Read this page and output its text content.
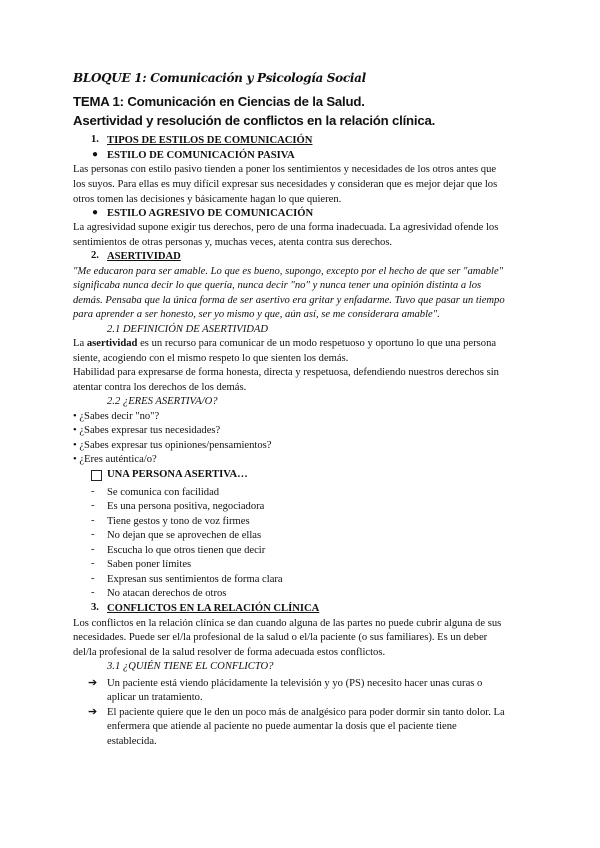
BLOQUE 1: Comunicación y Psicología Social
TEMA 1: Comunicación en Ciencias de la Salud.
Asertividad y resolución de conflictos en la relación clínica.
1. TIPOS DE ESTILOS DE COMUNICACIÓN
● ESTILO DE COMUNICACIÓN PASIVA
Las personas con estilo pasivo tienden a poner los sentimientos y necesidades de los otros antes que
los suyos. Para ellas es muy difícil expresar sus necesidades y consideran que es mejor dejar que los
otros tomen las decisiones y básicamente hagan lo que quieren.
● ESTILO AGRESIVO DE COMUNICACIÓN
La agresividad supone exigir tus derechos, pero de una forma inadecuada. La agresividad ofende los
sentimientos de otras personas y, muchas veces, atenta contra sus derechos.
2. ASERTIVIDAD
"Me educaron para ser amable. Lo que es bueno, supongo, excepto por el hecho de que ser "amable"
significaba nunca decir lo que quería, nunca decir "no" y nunca tener una opinión distinta a los
demás. Pensaba que la única forma de ser asertivo era gritar y enfadarme. Tuvo que pasar un tiempo
para aprender a ser honesto, ser yo mismo y que, aún así, se me considerara amable".
2.1 DEFINICIÓN DE ASERTIVIDAD
La asertividad es un recurso para comunicar de un modo respetuoso y oportuno lo que una persona
siente, acogiendo con el mismo respeto lo que sienten los demás.
Habilidad para expresarse de forma honesta, directa y respetuosa, defendiendo nuestros derechos sin
atentar contra los derechos de los demás.
2.2 ¿ERES ASERTIVA/O?
• ¿Sabes decir "no"?
• ¿Sabes expresar tus necesidades?
• ¿Sabes expresar tus opiniones/pensamientos?
• ¿Eres auténtica/o?
UNA PERSONA ASERTIVA…
- Se comunica con facilidad
- Es una persona positiva, negociadora
- Tiene gestos y tono de voz firmes
- No dejan que se aprovechen de ellas
- Escucha lo que otros tienen que decir
- Saben poner límites
- Expresan sus sentimientos de forma clara
- No atacan derechos de otros
3. CONFLICTOS EN LA RELACIÓN CLÍNICA
Los conflictos en la relación clínica se dan cuando alguna de las partes no puede cubrir alguna de sus
necesidades. Puede ser el/la profesional de la salud o el/la paciente (o sus familiares). Es un deber
del/la profesional de la salud resolver de forma adecuada estos conflictos.
3.1 ¿QUIÉN TIENE EL CONFLICTO?
➔ Un paciente está viendo plácidamente la televisión y yo (PS) necesito hacer unas curas o
aplicar un tratamiento.
➔ El paciente quiere que le den un poco más de analgésico para poder dormir sin tanto dolor. La
enfermera que atiende al paciente no puede aumentar la dosis que el paciente tiene
establecida.
